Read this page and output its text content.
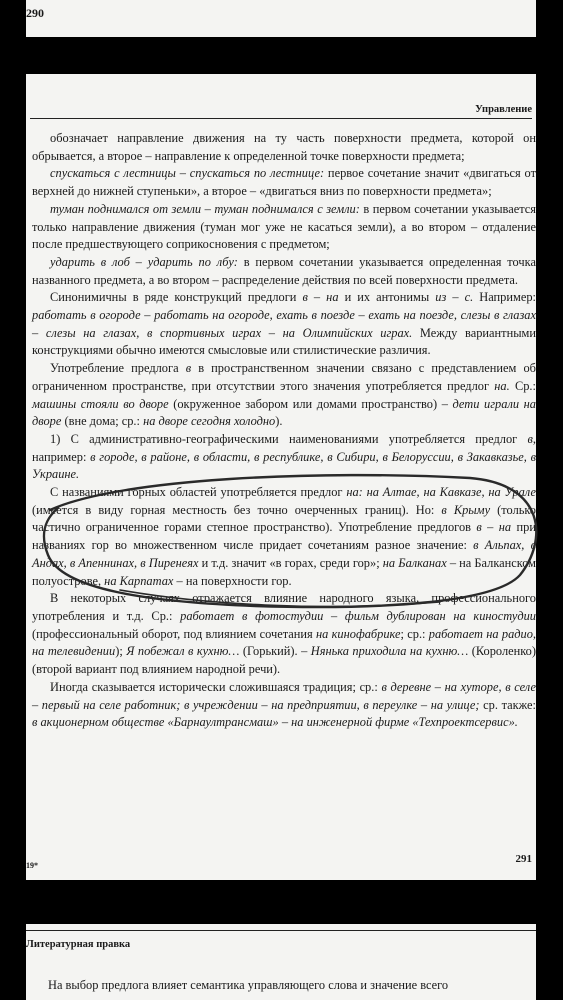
290
Управление

обозначает направление движения на ту часть поверхности предмета, которой он обрывается, а второе – направление к определенной точке поверхности предмета;

спускаться с лестницы – спускаться по лестнице: первое сочетание значит «двигаться от верхней до нижней ступеньки», а второе – «двигаться вниз по поверхности предмета»;

туман поднимался от земли – туман поднимался с земли: в первом сочетании указывается только направление движения (туман мог уже не касаться земли), а во втором – отдаление после предшествующего соприкосновения с предметом;

ударить в лоб – ударить по лбу: в первом сочетании указывается определенная точка названного предмета, а во втором – распределение действия по всей поверхности предмета.

Синонимичны в ряде конструкций предлоги в – на и их антонимы из – с. Например: работать в огороде – работать на огороде, ехать в поезде – ехать на поезде, слезы в глазах – слезы на глазах, в спортивных играх – на Олимпийских играх. Между вариантными конструкциями обычно имеются смысловые или стилистические различия.

Употребление предлога в в пространственном значении связано с представлением об ограниченном пространстве, при отсутствии этого значения употребляется предлог на. Ср.: машины стояли во дворе (окруженное забором или домами пространство) – дети играли на дворе (вне дома; ср.: на дворе сегодня холодно).

1) С административно-географическими наименованиями употребляется предлог в, например: в городе, в районе, в области, в республике, в Сибири, в Белоруссии, в Закавказье, в Украине.

С названиями горных областей употребляется предлог на: на Алтае, на Кавказе, на Урале (имеется в виду горная местность без точно очерченных границ). Но: в Крыму (только частично ограниченное горами степное пространство). Употребление предлогов в – на при названиях гор во множественном числе придает сочетаниям разное значение: в Альпах, в Андах, в Апеннинах, в Пиренеях и т.д. значит «в горах, среди гор»; на Балканах – на Балканском полуострове, на Карпатах – на поверхности гор.

В некоторых случаях отражается влияние народного языка, профессионального употребления и т.д. Ср.: работает в фотостудии – фильм дублирован на киностудии (профессиональный оборот, под влиянием сочетания на кинофабрике; ср.: работает на радио, на телевидении); Я побежал в кухню… (Горький). – Нянька приходила на кухню… (Короленко) (второй вариант под влиянием народной речи).

Иногда сказывается исторически сложившаяся традиция; ср.: в деревне – на хуторе, в селе – первый на селе работник; в учреждении – на предприятии, в переулке – на улице; ср. также: в акционерном обществе «Барнаултрансмаш» – на инженерной фирме «Техпроектсервис».

291
19*
Литературная правка
На выбор предлога влияет семантика управляющего слова и значение всего
